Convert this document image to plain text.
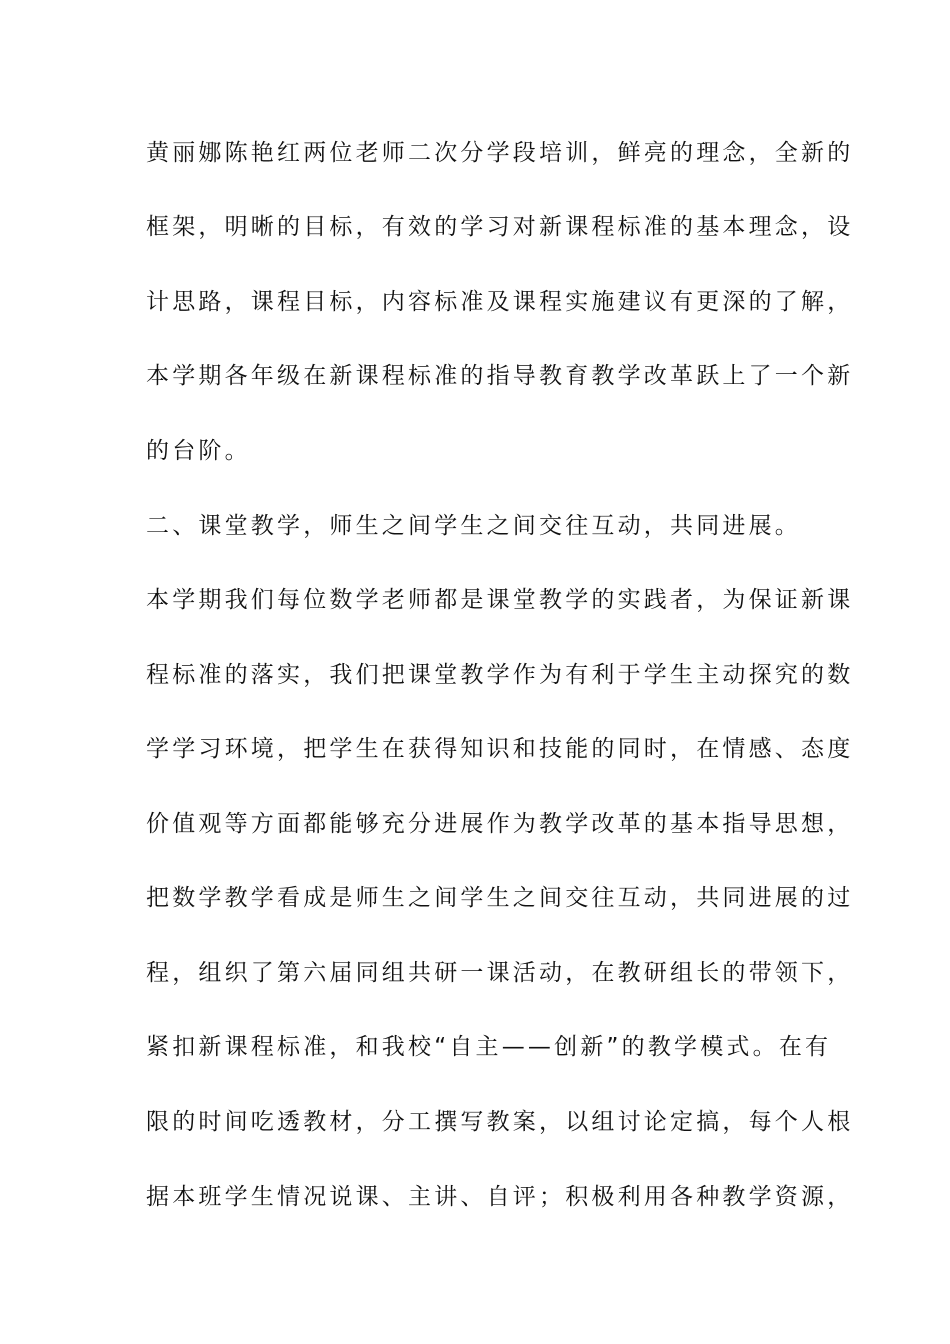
黄丽娜陈艳红两位老师二次分学段培训，鲜亮的理念，全新的
框架，明晰的目标，有效的学习对新课程标准的基本理念，设
计思路，课程目标，内容标准及课程实施建议有更深的了解，
本学期各年级在新课程标准的指导教育教学改革跃上了一个新
的台阶。
二、课堂教学，师生之间学生之间交往互动，共同进展。
本学期我们每位数学老师都是课堂教学的实践者，为保证新课
程标准的落实，我们把课堂教学作为有利于学生主动探究的数
学学习环境，把学生在获得知识和技能的同时，在情感、态度
价值观等方面都能够充分进展作为教学改革的基本指导思想，
把数学教学看成是师生之间学生之间交往互动，共同进展的过
程，组织了第六届同组共研一课活动，在教研组长的带领下，
紧扣新课程标准，和我校“自主——创新”的教学模式。在有
限的时间吃透教材，分工撰写教案，以组讨论定搞，每个人根
据本班学生情况说课、主讲、自评；积极利用各种教学资源，
